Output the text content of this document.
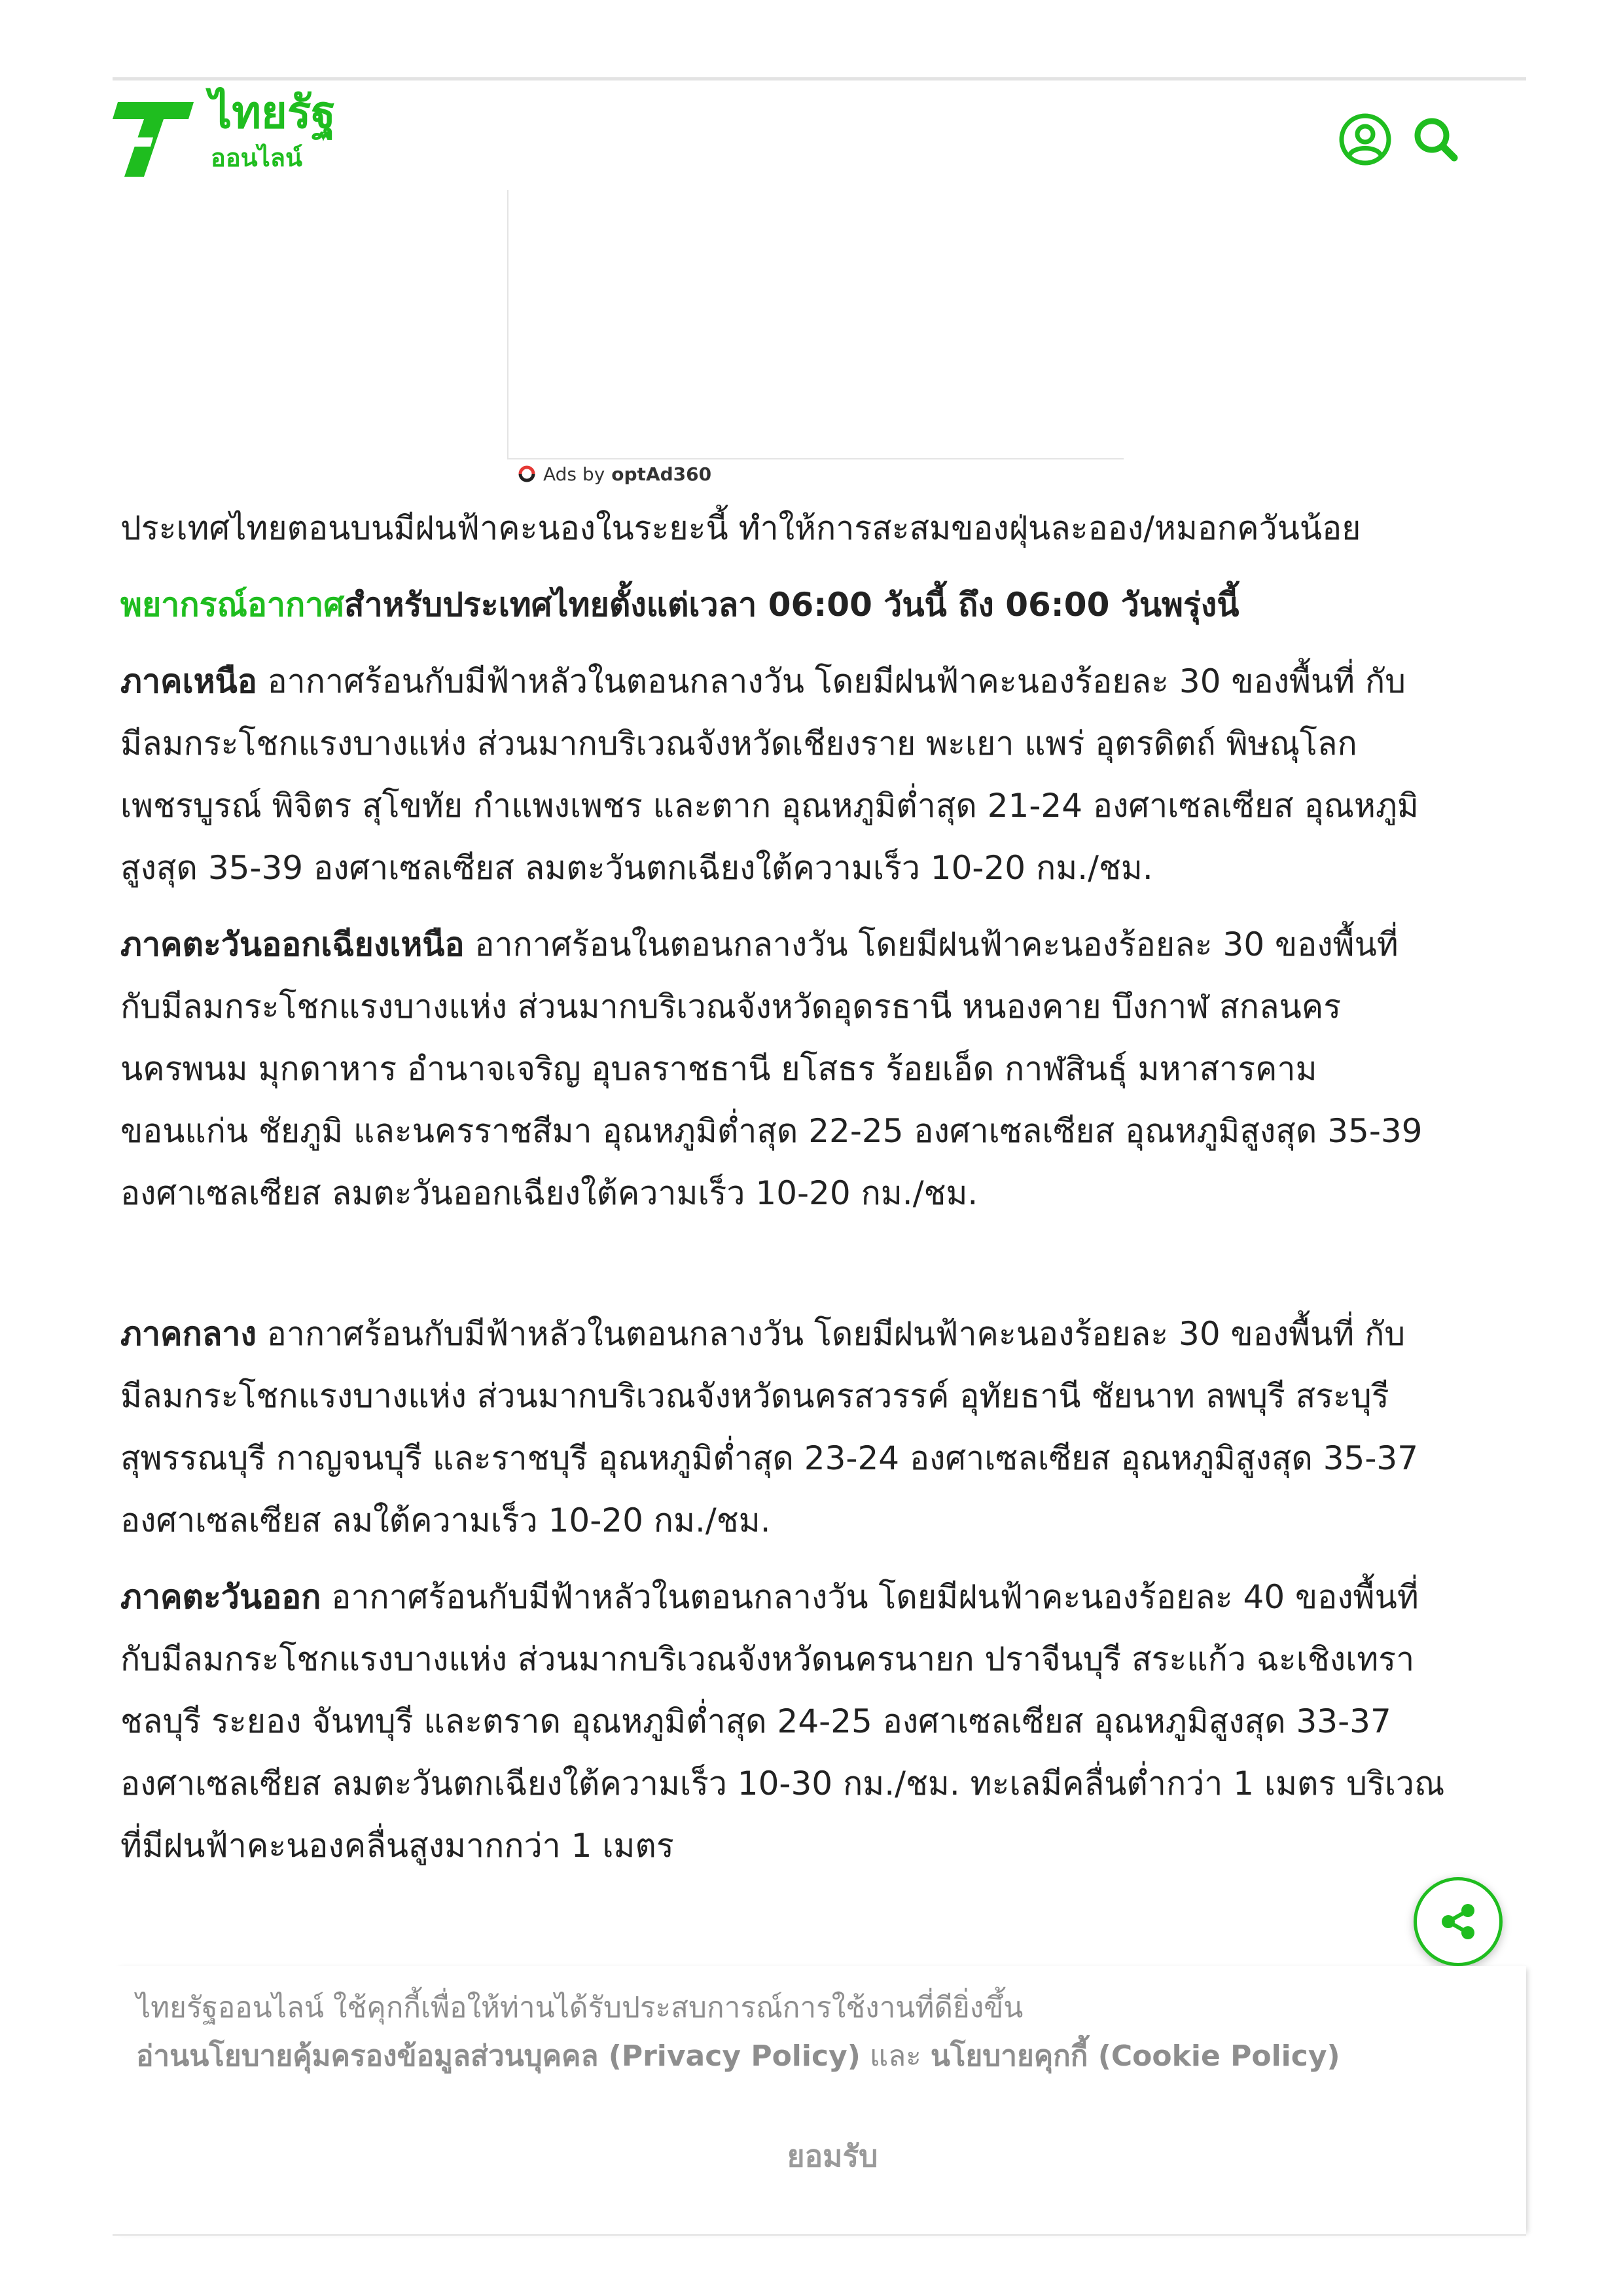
ไทยรัฐ
ออนไลน์
Ads by optAd360

ประเทศไทยตอนบนมีฝนฟ้าคะนองในระยะนี้ ทำให้การสะสมของฝุ่นละออง/หมอกควันน้อย

พยากรณ์อากาศสำหรับประเทศไทยตั้งแต่เวลา 06:00 วันนี้ ถึง 06:00 วันพรุ่งนี้

ภาคเหนือ อากาศร้อนกับมีฟ้าหลัวในตอนกลางวัน โดยมีฝนฟ้าคะนองร้อยละ 30 ของพื้นที่ กับ
มีลมกระโชกแรงบางแห่ง ส่วนมากบริเวณจังหวัดเชียงราย พะเยา แพร่ อุตรดิตถ์ พิษณุโลก
เพชรบูรณ์ พิจิตร สุโขทัย กำแพงเพชร และตาก อุณหภูมิต่ำสุด 21-24 องศาเซลเซียส อุณหภูมิ
สูงสุด 35-39 องศาเซลเซียส ลมตะวันตกเฉียงใต้ความเร็ว 10-20 กม./ชม.

ภาคตะวันออกเฉียงเหนือ อากาศร้อนในตอนกลางวัน โดยมีฝนฟ้าคะนองร้อยละ 30 ของพื้นที่
กับมีลมกระโชกแรงบางแห่ง ส่วนมากบริเวณจังหวัดอุดรธานี หนองคาย บึงกาฬ สกลนคร
นครพนม มุกดาหาร อำนาจเจริญ อุบลราชธานี ยโสธร ร้อยเอ็ด กาฬสินธุ์ มหาสารคาม
ขอนแก่น ชัยภูมิ และนครราชสีมา อุณหภูมิต่ำสุด 22-25 องศาเซลเซียส อุณหภูมิสูงสุด 35-39
องศาเซลเซียส ลมตะวันออกเฉียงใต้ความเร็ว 10-20 กม./ชม.

ภาคกลาง อากาศร้อนกับมีฟ้าหลัวในตอนกลางวัน โดยมีฝนฟ้าคะนองร้อยละ 30 ของพื้นที่ กับ
มีลมกระโชกแรงบางแห่ง ส่วนมากบริเวณจังหวัดนครสวรรค์ อุทัยธานี ชัยนาท ลพบุรี สระบุรี
สุพรรณบุรี กาญจนบุรี และราชบุรี อุณหภูมิต่ำสุด 23-24 องศาเซลเซียส อุณหภูมิสูงสุด 35-37
องศาเซลเซียส ลมใต้ความเร็ว 10-20 กม./ชม.

ภาคตะวันออก อากาศร้อนกับมีฟ้าหลัวในตอนกลางวัน โดยมีฝนฟ้าคะนองร้อยละ 40 ของพื้นที่
กับมีลมกระโชกแรงบางแห่ง ส่วนมากบริเวณจังหวัดนครนายก ปราจีนบุรี สระแก้ว ฉะเชิงเทรา
ชลบุรี ระยอง จันทบุรี และตราด อุณหภูมิต่ำสุด 24-25 องศาเซลเซียส อุณหภูมิสูงสุด 33-37
องศาเซลเซียส ลมตะวันตกเฉียงใต้ความเร็ว 10-30 กม./ชม. ทะเลมีคลื่นต่ำกว่า 1 เมตร บริเวณ
ที่มีฝนฟ้าคะนองคลื่นสูงมากกว่า 1 เมตร

ไทยรัฐออนไลน์ ใช้คุกกี้เพื่อให้ท่านได้รับประสบการณ์การใช้งานที่ดียิ่งขึ้น
อ่านนโยบายคุ้มครองข้อมูลส่วนบุคคล (Privacy Policy) และ นโยบายคุกกี้ (Cookie Policy)
ยอมรับ
